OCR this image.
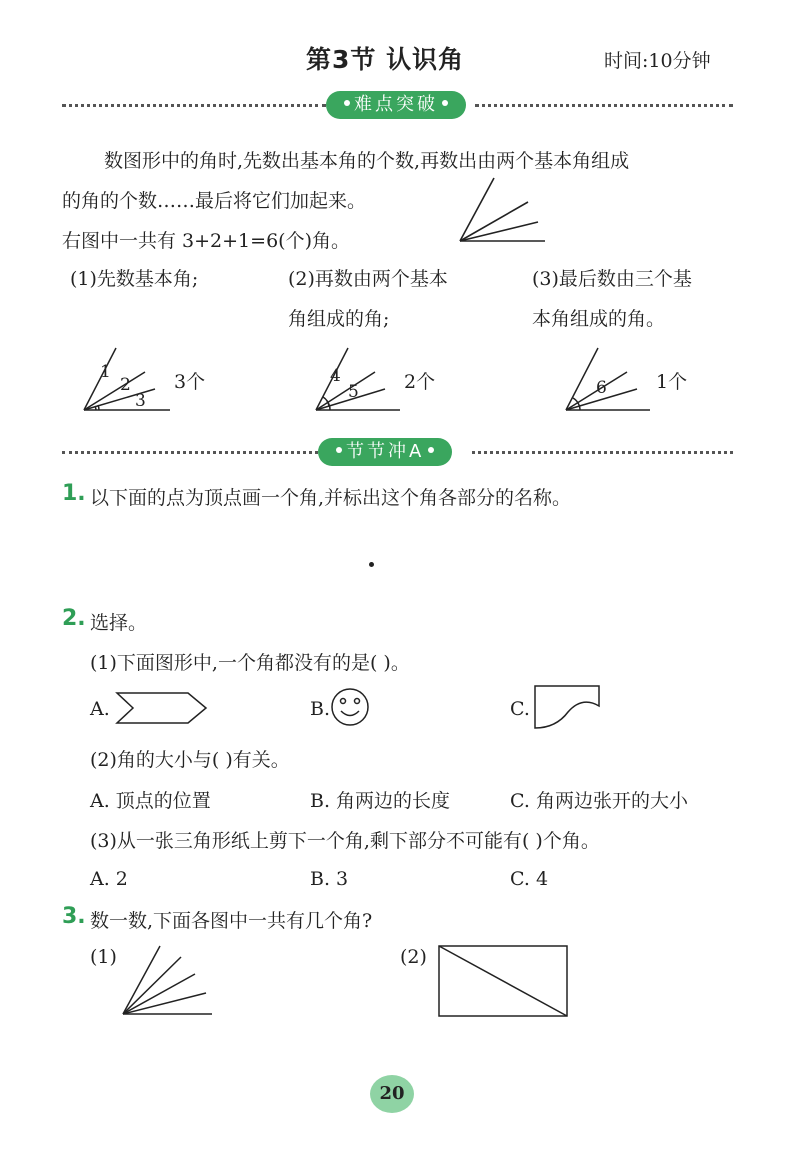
第3节 认识角	时间:10分钟
难点突破
数图形中的角时,先数出基本角的个数,再数出由两个基本角组成
的角的个数……最后将它们加起来。
右图中一共有 3+2+1=6(个)角。
(1)先数基本角;	(2)再数由两个基本
角组成的角;
(3)最后数由三个基
本角组成的角。
1
2
3
3个	4
5 2个	6	1个
节节冲A
1. 以下面的点为顶点画一个角,并标出这个角各部分的名称。
2. 选择。
(1)下面图形中,一个角都没有的是( )。
A.	B.	C.
(2)角的大小与( )有关。
A. 顶点的位置	B. 角两边的长度	C. 角两边张开的大小
(3)从一张三角形纸上剪下一个角,剩下部分不可能有( )个角。
A. 2	B. 3	C. 4
3. 数一数,下面各图中一共有几个角?
(1)	(2)
20
